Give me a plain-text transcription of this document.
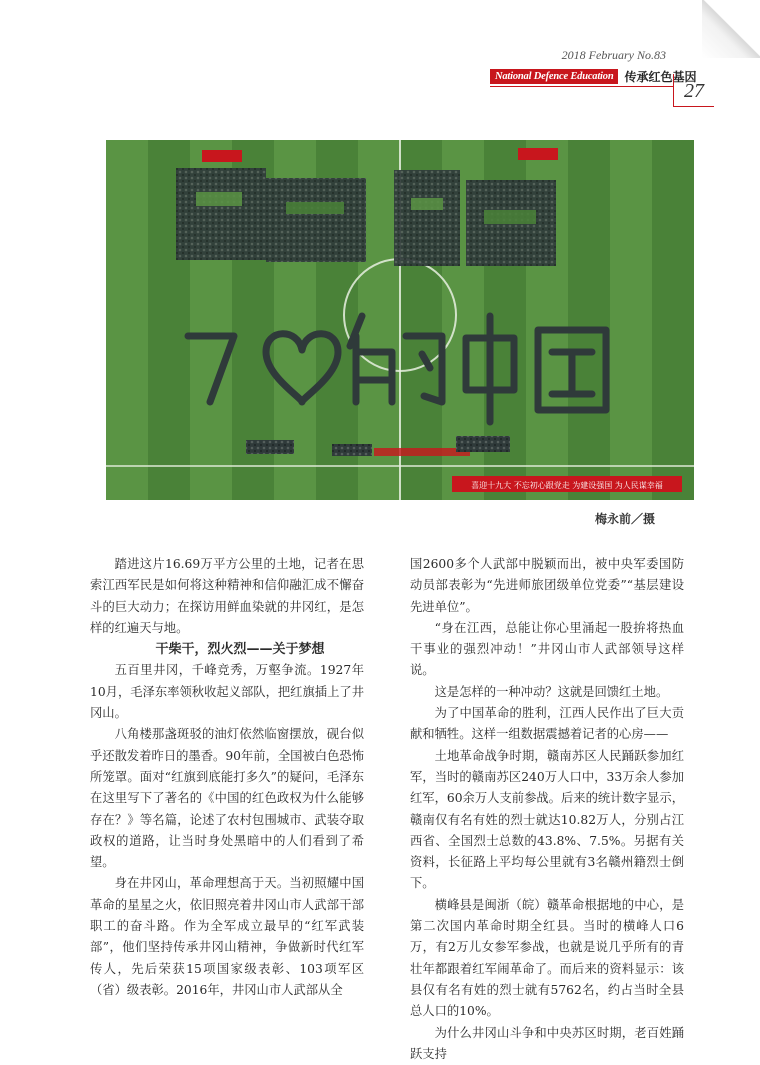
2018 February No.83
National Defence Education 传承红色基因
27
喜迎十九大 不忘初心跟党走 为建设强国 为人民谋幸福
梅永前／摄

踏进这片16.69万平方公里的土地，记者在思索江西军民是如何将这种精神和信仰融汇成不懈奋斗的巨大动力；在探访用鲜血染就的井冈红，是怎样的红遍天与地。

干柴干，烈火烈——关于梦想

五百里井冈，千峰竞秀，万壑争流。1927年10月，毛泽东率领秋收起义部队，把红旗插上了井冈山。

八角楼那盏斑驳的油灯依然临窗摆放，砚台似乎还散发着昨日的墨香。90年前，全国被白色恐怖所笼罩。面对“红旗到底能打多久”的疑问，毛泽东在这里写下了著名的《中国的红色政权为什么能够存在？》等名篇，论述了农村包围城市、武装夺取政权的道路，让当时身处黑暗中的人们看到了希望。

身在井冈山，革命理想高于天。当初照耀中国革命的星星之火，依旧照亮着井冈山市人武部干部职工的奋斗路。作为全军成立最早的“红军武装部”，他们坚持传承井冈山精神，争做新时代红军传人，先后荣获15项国家级表彰、103项军区（省）级表彰。2016年，井冈山市人武部从全

国2600多个人武部中脱颖而出，被中央军委国防动员部表彰为“先进师旅团级单位党委”“基层建设先进单位”。

“身在江西，总能让你心里涌起一股拚将热血干事业的强烈冲动！”井冈山市人武部领导这样说。

这是怎样的一种冲动？这就是回馈红土地。

为了中国革命的胜利，江西人民作出了巨大贡献和牺牲。这样一组数据震撼着记者的心房——

土地革命战争时期，赣南苏区人民踊跃参加红军，当时的赣南苏区240万人口中，33万余人参加红军，60余万人支前参战。后来的统计数字显示，赣南仅有名有姓的烈士就达10.82万人，分别占江西省、全国烈士总数的43.8%、7.5%。另据有关资料，长征路上平均每公里就有3名赣州籍烈士倒下。

横峰县是闽浙（皖）赣革命根据地的中心，是第二次国内革命时期全红县。当时的横峰人口6万，有2万儿女参军参战，也就是说几乎所有的青壮年都跟着红军闹革命了。而后来的资料显示：该县仅有名有姓的烈士就有5762名，约占当时全县总人口的10%。

为什么井冈山斗争和中央苏区时期，老百姓踊跃支持
